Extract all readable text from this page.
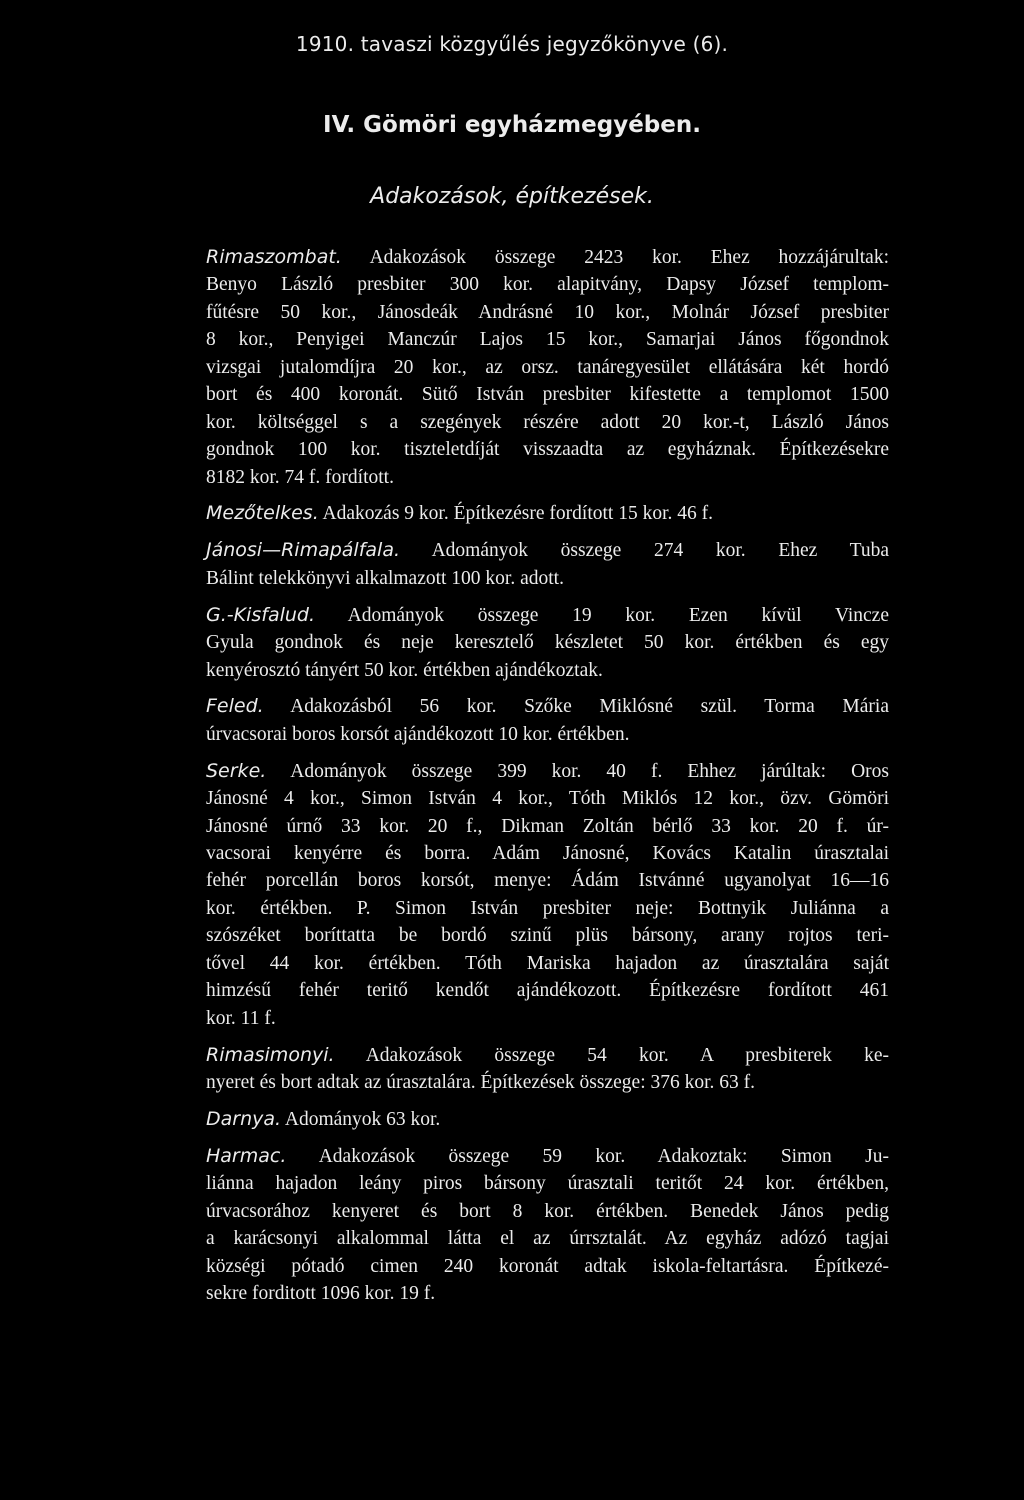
1910. tavaszi közgyűlés jegyzőkönyve (6).
IV. Gömöri egyházmegyében.
Adakozások, építkezések.
Rimaszombat. Adakozások összege 2423 kor. Ehez hozzájárultak:
Benyo László presbiter 300 kor. alapitvány, Dapsy József templom-
fűtésre 50 kor., Jánosdeák Andrásné 10 kor., Molnár József presbiter
8 kor., Penyigei Manczúr Lajos 15 kor., Samarjai János főgondnok
vizsgai jutalomdíjra 20 kor., az orsz. tanáregyesület ellátására két hordó
bort és 400 koronát. Sütő István presbiter kifestette a templomot 1500
kor. költséggel s a szegények részére adott 20 kor.-t, László János
gondnok 100 kor. tiszteletdíját visszaadta az egyháznak. Építkezésekre
8182 kor. 74 f. fordított.
Mezőtelkes. Adakozás 9 kor. Építkezésre fordított 15 kor. 46 f.
Jánosi—Rimapálfala. Adományok összege 274 kor. Ehez Tuba
Bálint telekkönyvi alkalmazott 100 kor. adott.
G.-Kisfalud. Adományok összege 19 kor. Ezen kívül Vincze
Gyula gondnok és neje keresztelő készletet 50 kor. értékben és egy
kenyérosztó tányért 50 kor. értékben ajándékoztak.
Feled. Adakozásból 56 kor. Szőke Miklósné szül. Torma Mária
úrvacsorai boros korsót ajándékozott 10 kor. értékben.
Serke. Adományok összege 399 kor. 40 f. Ehhez járúltak: Oros
Jánosné 4 kor., Simon István 4 kor., Tóth Miklós 12 kor., özv. Gömöri
Jánosné úrnő 33 kor. 20 f., Dikman Zoltán bérlő 33 kor. 20 f. úr-
vacsorai kenyérre és borra. Adám Jánosné, Kovács Katalin úrasztalai
fehér porcellán boros korsót, menye: Ádám Istvánné ugyanolyat 16—16
kor. értékben. P. Simon István presbiter neje: Bottnyik Juliánna a
szószéket boríttatta be bordó szinű plüs bársony, arany rojtos teri-
tővel 44 kor. értékben. Tóth Mariska hajadon az úrasztalára saját
himzésű fehér teritő kendőt ajándékozott. Építkezésre fordított 461
kor. 11 f.
Rimasimonyi. Adakozások összege 54 kor. A presbiterek ke-
nyeret és bort adtak az úrasztalára. Építkezések összege: 376 kor. 63 f.
Darnya. Adományok 63 kor.
Harmac. Adakozások összege 59 kor. Adakoztak: Simon Ju-
liánna hajadon leány piros bársony úrasztali teritőt 24 kor. értékben,
úrvacsorához kenyeret és bort 8 kor. értékben. Benedek János pedig
a karácsonyi alkalommal látta el az úrrsztalát. Az egyház adózó tagjai
községi pótadó cimen 240 koronát adtak iskola-feltartásra. Építkezé-
sekre forditott 1096 kor. 19 f.
